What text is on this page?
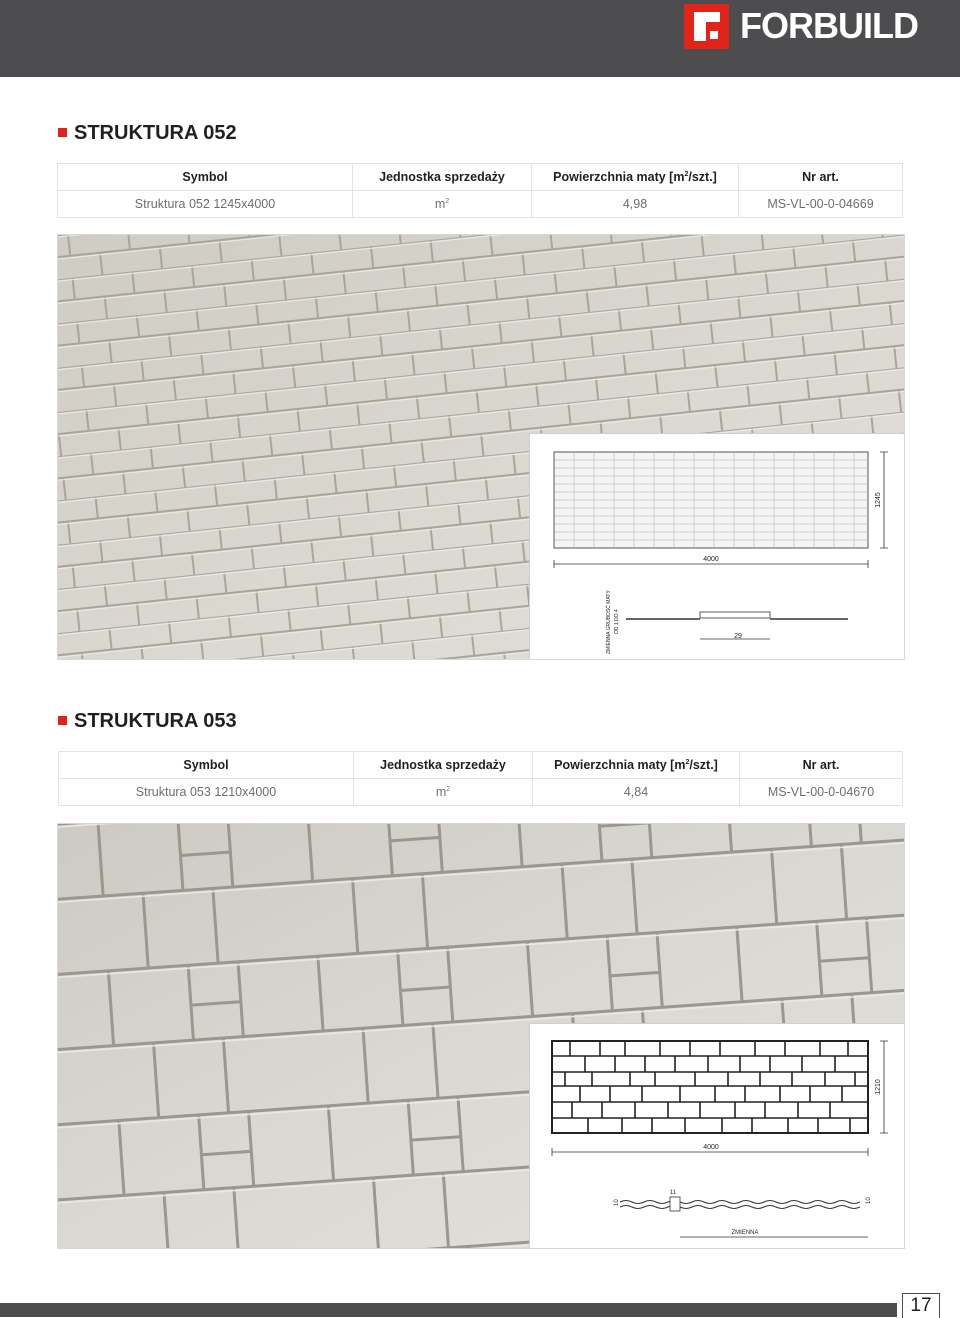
FORBUILD
STRUKTURA 052
Symbol	Jednostka sprzedaży	Powierzchnia maty $[m^2/szt.]$	Nr art.
Struktura 052 1245x4000	$m^2$	4,98	MS-VL-00-0-04669
4000
1245
29
ZMIENNA GRUBOŚĆ MATY OD 1 DO 4
STRUKTURA 053
Symbol	Jednostka sprzedaży	Powierzchnia maty $[m^2/szt.]$	Nr art.
Struktura 053 1210x4000	$m^2$	4,84	MS-VL-00-0-04670
4000
1210
11
10	10
ZMIENNA
17
